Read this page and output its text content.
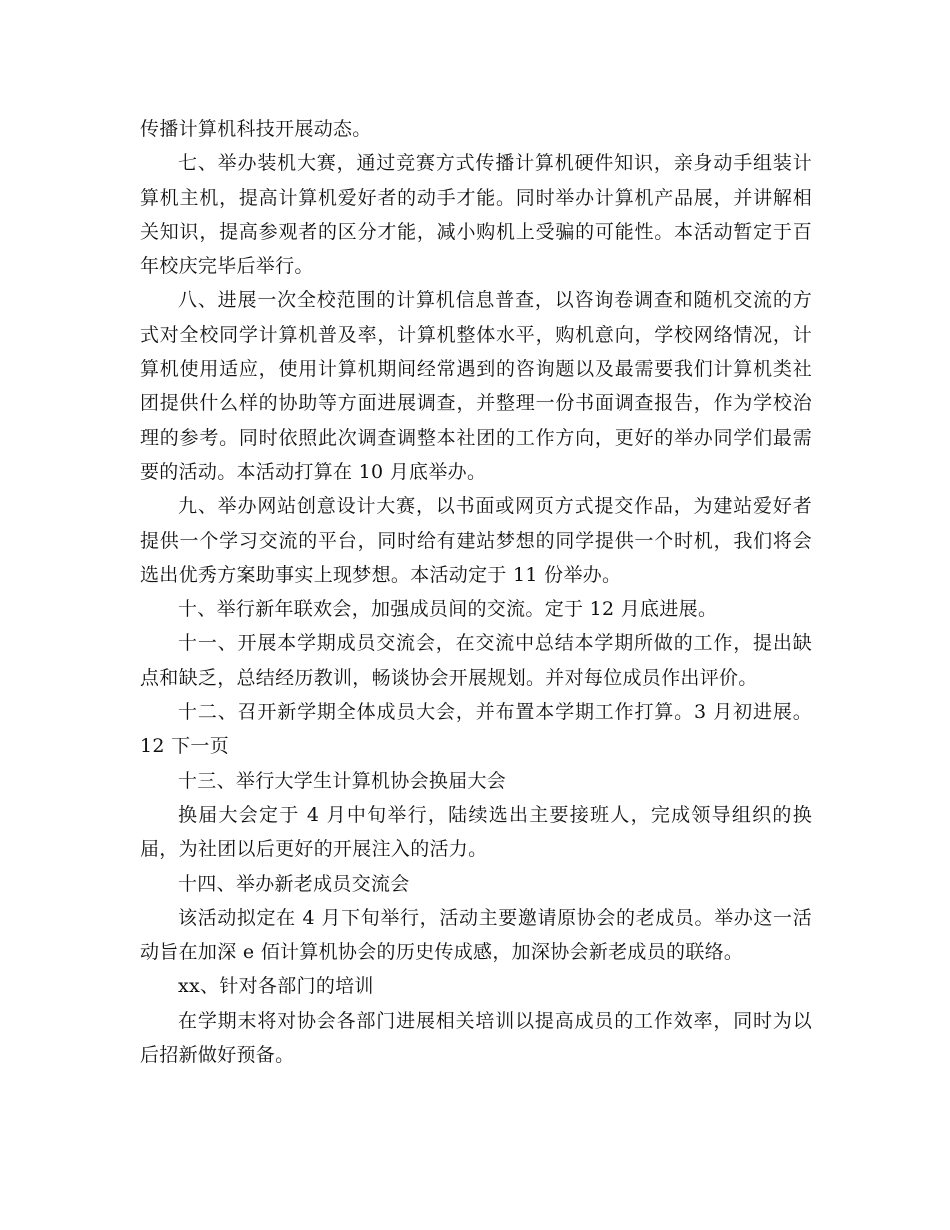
传播计算机科技开展动态。

七、举办装机大赛，通过竞赛方式传播计算机硬件知识，亲身动手组装计算机主机，提高计算机爱好者的动手才能。同时举办计算机产品展，并讲解相关知识，提高参观者的区分才能，减小购机上受骗的可能性。本活动暂定于百年校庆完毕后举行。

八、进展一次全校范围的计算机信息普查，以咨询卷调查和随机交流的方式对全校同学计算机普及率，计算机整体水平，购机意向，学校网络情况，计算机使用适应，使用计算机期间经常遇到的咨询题以及最需要我们计算机类社团提供什么样的协助等方面进展调查，并整理一份书面调查报告，作为学校治理的参考。同时依照此次调查调整本社团的工作方向，更好的举办同学们最需要的活动。本活动打算在 10 月底举办。

九、举办网站创意设计大赛，以书面或网页方式提交作品，为建站爱好者提供一个学习交流的平台，同时给有建站梦想的同学提供一个时机，我们将会选出优秀方案助事实上现梦想。本活动定于 11 份举办。

十、举行新年联欢会，加强成员间的交流。定于 12 月底进展。

十一、开展本学期成员交流会，在交流中总结本学期所做的工作，提出缺点和缺乏，总结经历教训，畅谈协会开展规划。并对每位成员作出评价。

十二、召开新学期全体成员大会，并布置本学期工作打算。3 月初进展。12 下一页

十三、举行大学生计算机协会换届大会

换届大会定于 4 月中旬举行，陆续选出主要接班人，完成领导组织的换届，为社团以后更好的开展注入的活力。

十四、举办新老成员交流会

该活动拟定在 4 月下旬举行，活动主要邀请原协会的老成员。举办这一活动旨在加深 e 佰计算机协会的历史传成感，加深协会新老成员的联络。

xx、针对各部门的培训

在学期末将对协会各部门进展相关培训以提高成员的工作效率，同时为以后招新做好预备。
